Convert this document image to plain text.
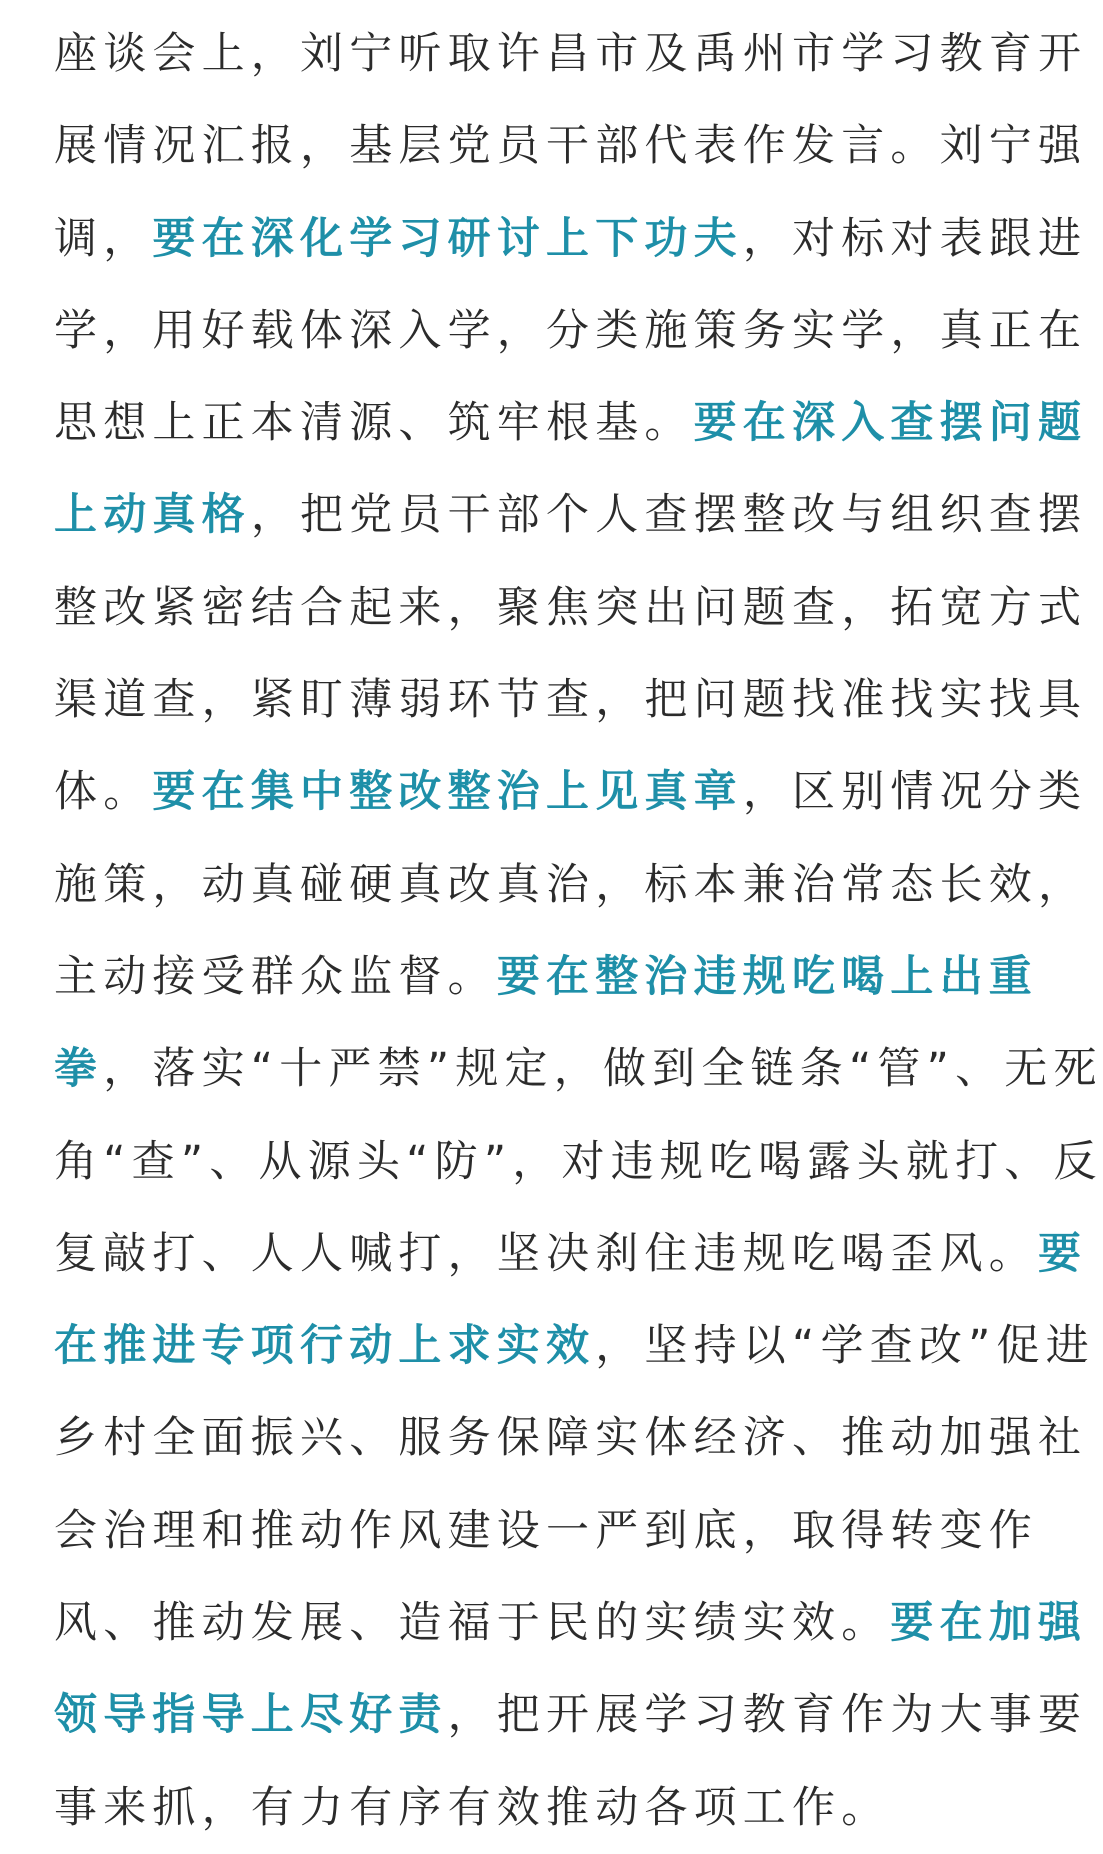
座谈会上，刘宁听取许昌市及禹州市学习教育开
展情况汇报，基层党员干部代表作发言。刘宁强
调，要在深化学习研讨上下功夫，对标对表跟进
学，用好载体深入学，分类施策务实学，真正在
思想上正本清源、筑牢根基。要在深入查摆问题
上动真格，把党员干部个人查摆整改与组织查摆
整改紧密结合起来，聚焦突出问题查，拓宽方式
渠道查，紧盯薄弱环节查，把问题找准找实找具
体。要在集中整改整治上见真章，区别情况分类
施策，动真碰硬真改真治，标本兼治常态长效，
主动接受群众监督。要在整治违规吃喝上出重
拳，落实“十严禁”规定，做到全链条“管”、无死
角“查”、从源头“防”，对违规吃喝露头就打、反
复敲打、人人喊打，坚决刹住违规吃喝歪风。要
在推进专项行动上求实效，坚持以“学查改”促进
乡村全面振兴、服务保障实体经济、推动加强社
会治理和推动作风建设一严到底，取得转变作
风、推动发展、造福于民的实绩实效。要在加强
领导指导上尽好责，把开展学习教育作为大事要
事来抓，有力有序有效推动各项工作。
